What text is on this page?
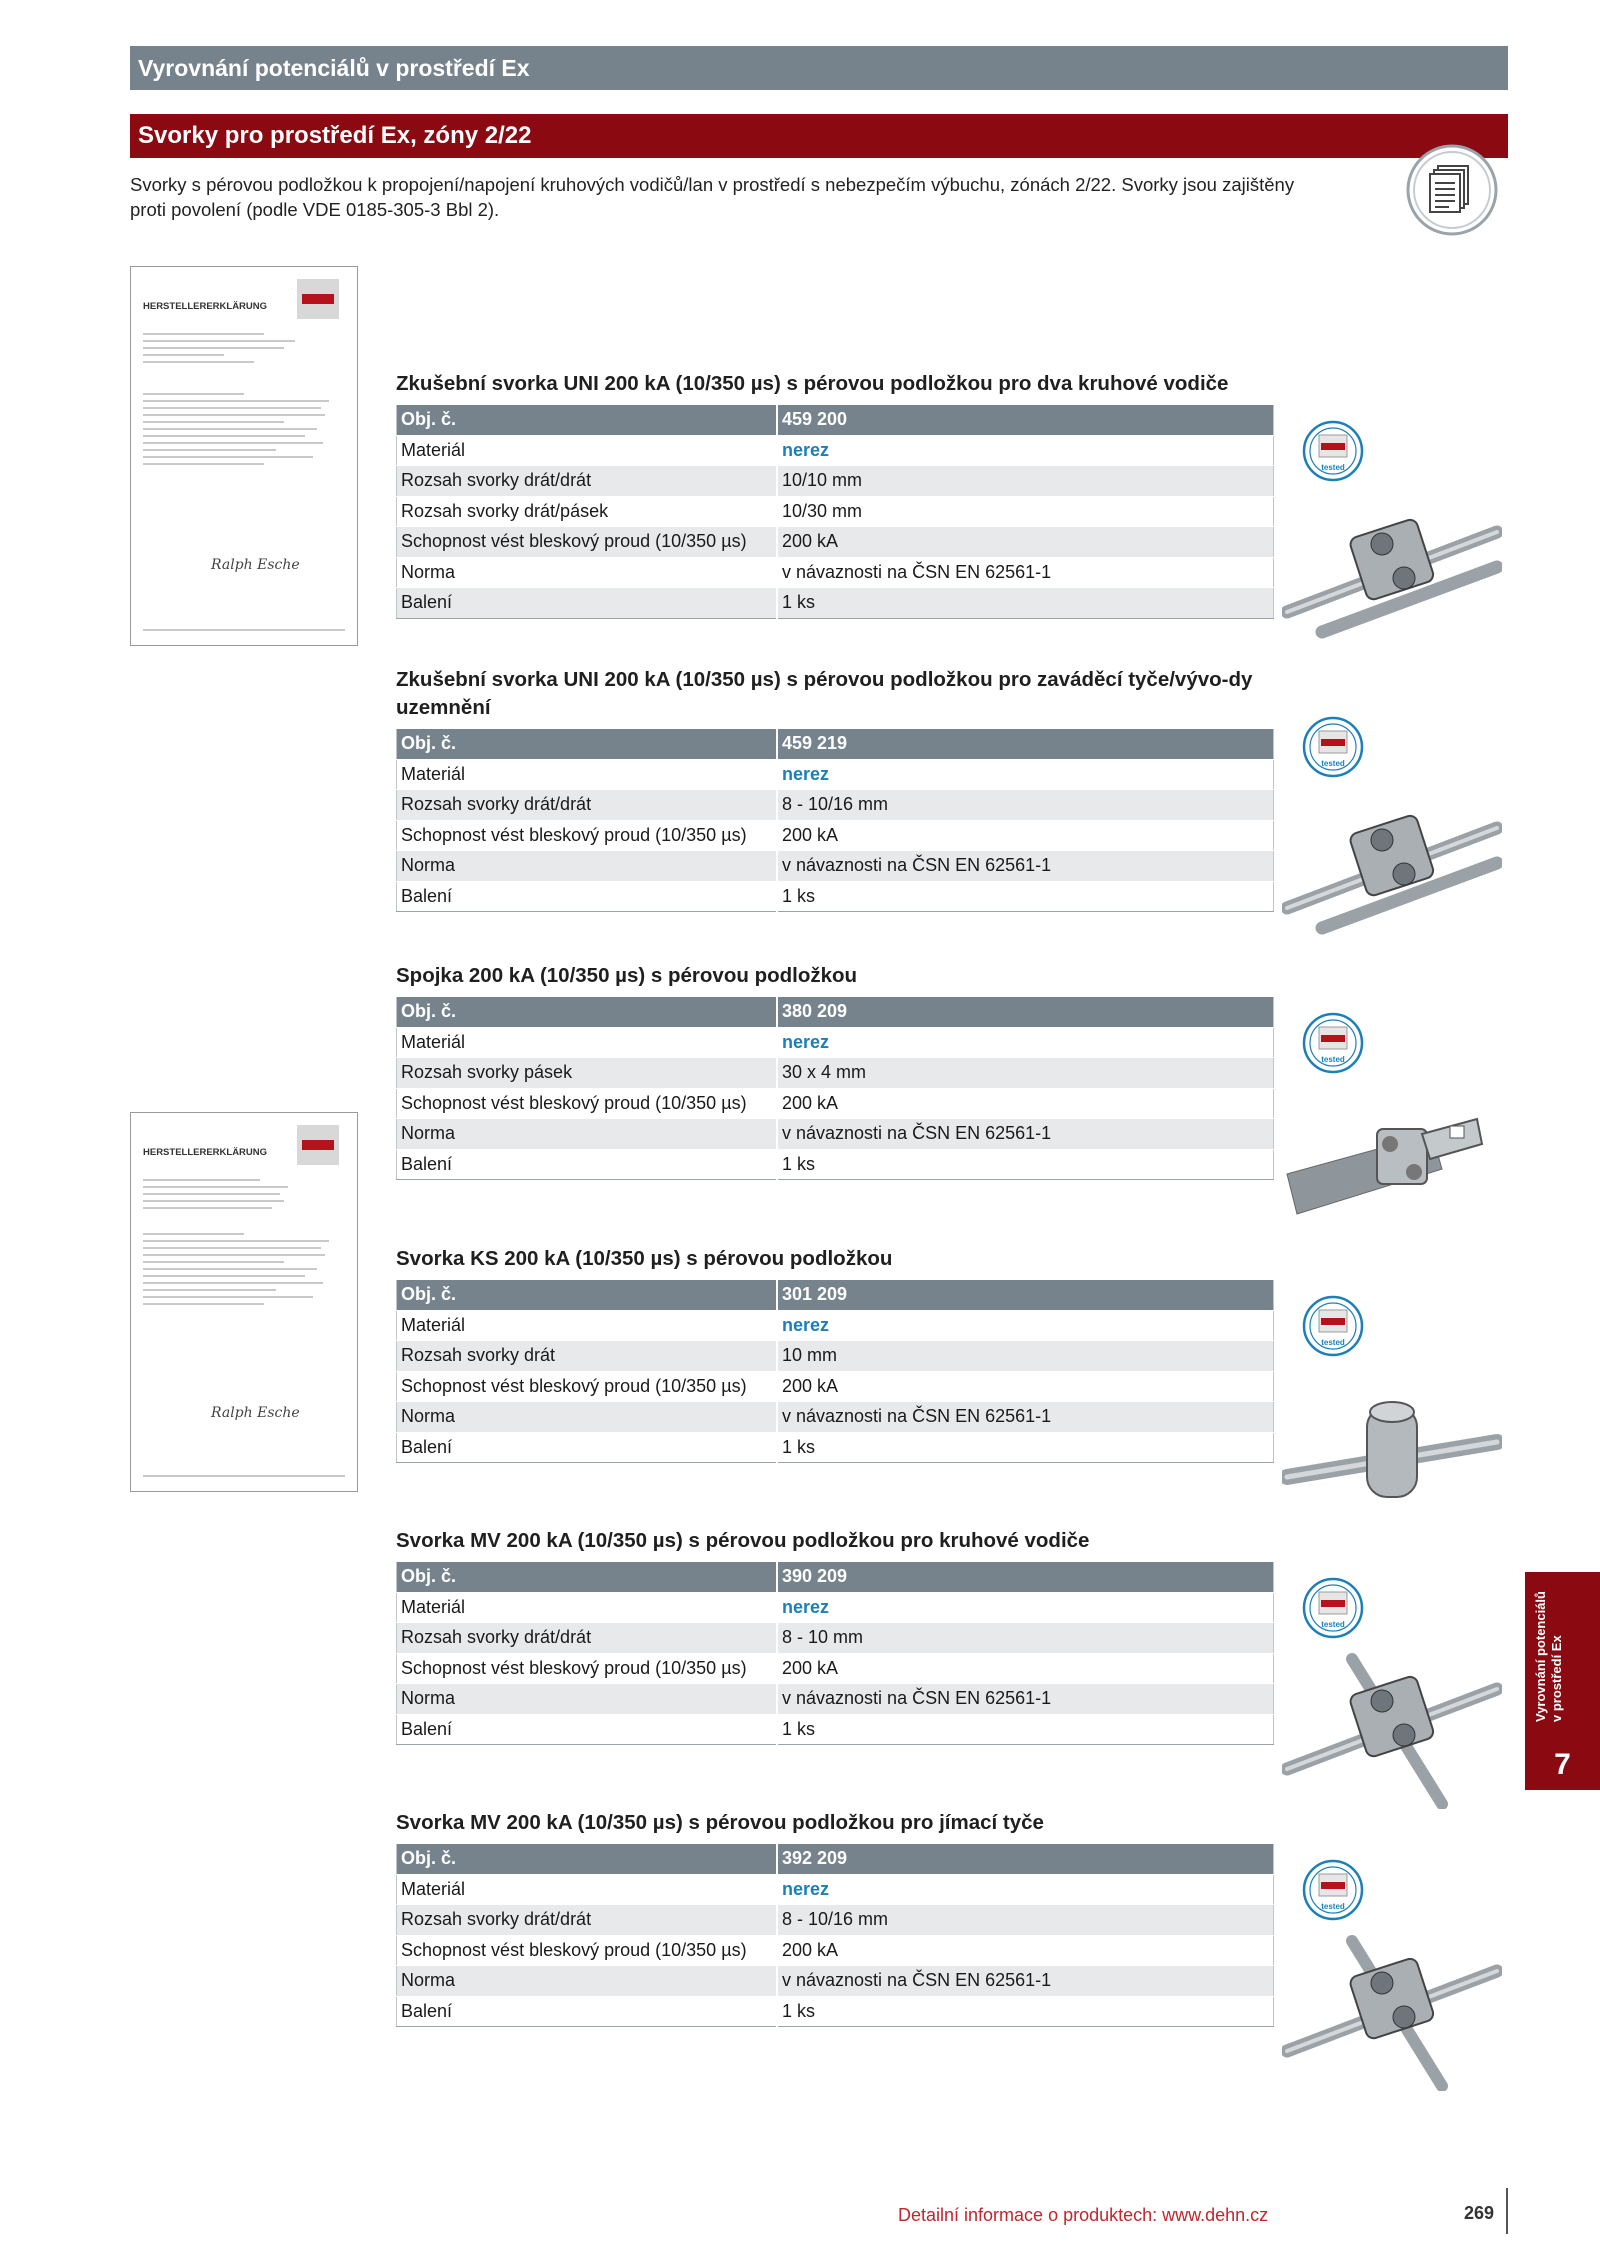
Vyrovnání potenciálů v prostředí Ex
Svorky pro prostředí Ex, zóny 2/22
Svorky s pérovou podložkou k propojení/napojení kruhových vodičů/lan v prostředí s nebezpečím výbuchu, zónách 2/22. Svorky jsou zajištěny proti povolení (podle VDE 0185-305-3 Bbl 2).
HERSTELLERERKLÄRUNG
Ralph Esche
HERSTELLERERKLÄRUNG
Ralph Esche
Zkušební svorka UNI 200 kA (10/350 µs) s pérovou podložkou pro dva kruhové vodiče
Obj. č.	459 200
Materiál	nerez
Rozsah svorky drát/drát	10/10 mm
Rozsah svorky drát/pásek	10/30 mm
Schopnost vést bleskový proud (10/350 µs)	200 kA
Norma	v návaznosti na ČSN EN 62561-1
Balení	1 ks
Zkušební svorka UNI 200 kA (10/350 µs) s pérovou podložkou pro zaváděcí tyče/vývo-dy uzemnění
Obj. č.	459 219
Materiál	nerez
Rozsah svorky drát/drát	8 - 10/16 mm
Schopnost vést bleskový proud (10/350 µs)	200 kA
Norma	v návaznosti na ČSN EN 62561-1
Balení	1 ks
Spojka 200 kA (10/350 µs) s pérovou podložkou
Obj. č.	380 209
Materiál	nerez
Rozsah svorky pásek	30 x 4 mm
Schopnost vést bleskový proud (10/350 µs)	200 kA
Norma	v návaznosti na ČSN EN 62561-1
Balení	1 ks
Svorka KS 200 kA (10/350 µs) s pérovou podložkou
Obj. č.	301 209
Materiál	nerez
Rozsah svorky drát	10 mm
Schopnost vést bleskový proud (10/350 µs)	200 kA
Norma	v návaznosti na ČSN EN 62561-1
Balení	1 ks
Svorka MV 200 kA (10/350 µs) s pérovou podložkou pro kruhové vodiče
Obj. č.	390 209
Materiál	nerez
Rozsah svorky drát/drát	8 - 10 mm
Schopnost vést bleskový proud (10/350 µs)	200 kA
Norma	v návaznosti na ČSN EN 62561-1
Balení	1 ks
Svorka MV 200 kA (10/350 µs) s pérovou podložkou pro jímací tyče
Obj. č.	392 209
Materiál	nerez
Rozsah svorky drát/drát	8 - 10/16 mm
Schopnost vést bleskový proud (10/350 µs)	200 kA
Norma	v návaznosti na ČSN EN 62561-1
Balení	1 ks
tested
tested
tested
tested
tested
tested
Vyrovnání potenciálů v prostředí Ex
7
Detailní informace o produktech: www.dehn.cz	269
